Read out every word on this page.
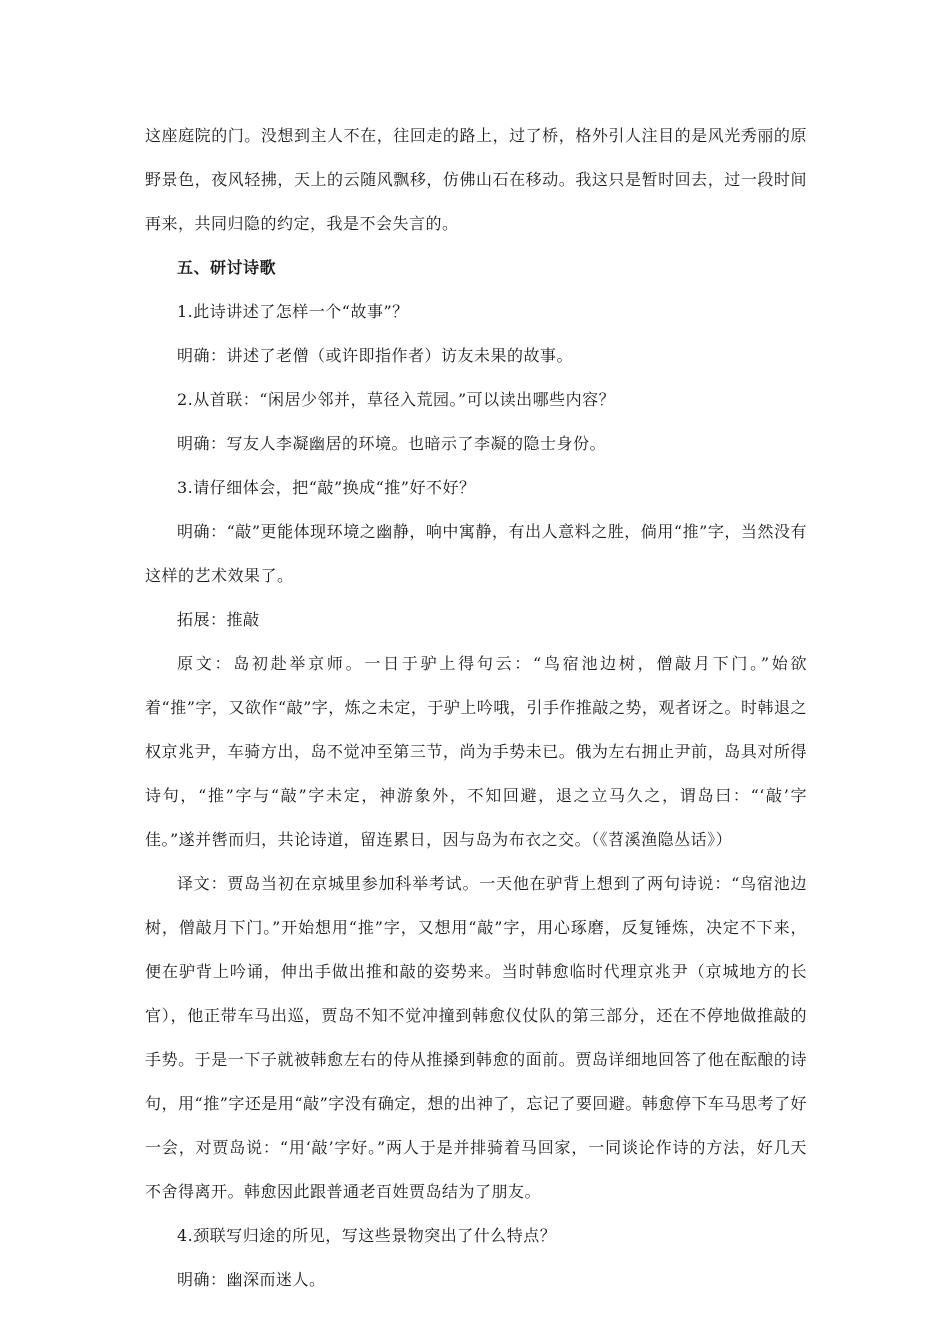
这座庭院的门。没想到主人不在，往回走的路上，过了桥，格外引人注目的是风光秀丽的原野景色，夜风轻拂，天上的云随风飘移，仿佛山石在移动。我这只是暂时回去，过一段时间再来，共同归隐的约定，我是不会失言的。

五、研讨诗歌

1.此诗讲述了怎样一个“故事”？

明确：讲述了老僧（或许即指作者）访友未果的故事。

2.从首联：“闲居少邻并，草径入荒园。”可以读出哪些内容？

明确：写友人李凝幽居的环境。也暗示了李凝的隐士身份。

3.请仔细体会，把“敲”换成“推”好不好？

明确：“敲”更能体现环境之幽静，响中寓静，有出人意料之胜，倘用“推”字，当然没有这样的艺术效果了。

拓展：推敲

原文：岛初赴举京师。一日于驴上得句云：“鸟宿池边树，僧敲月下门。”始欲着“推”字，又欲作“敲”字，炼之未定，于驴上吟哦，引手作推敲之势，观者讶之。时韩退之权京兆尹，车骑方出，岛不觉冲至第三节，尚为手势未已。俄为左右拥止尹前，岛具对所得诗句，“推”字与“敲”字未定，神游象外，不知回避，退之立马久之，谓岛曰：“‘敲’字佳。”遂并辔而归，共论诗道，留连累日，因与岛为布衣之交。（《苕溪渔隐丛话》）

译文：贾岛当初在京城里参加科举考试。一天他在驴背上想到了两句诗说：“鸟宿池边树，僧敲月下门。”开始想用“推”字，又想用“敲”字，用心琢磨，反复锤炼，决定不下来，便在驴背上吟诵，伸出手做出推和敲的姿势来。当时韩愈临时代理京兆尹（京城地方的长官），他正带车马出巡，贾岛不知不觉冲撞到韩愈仪仗队的第三部分，还在不停地做推敲的手势。于是一下子就被韩愈左右的侍从推搡到韩愈的面前。贾岛详细地回答了他在酝酿的诗句，用“推”字还是用“敲”字没有确定，想的出神了，忘记了要回避。韩愈停下车马思考了好一会，对贾岛说：“用‘敲’字好。”两人于是并排骑着马回家，一同谈论作诗的方法，好几天不舍得离开。韩愈因此跟普通老百姓贾岛结为了朋友。

4.颈联写归途的所见，写这些景物突出了什么特点？

明确：幽深而迷人。
